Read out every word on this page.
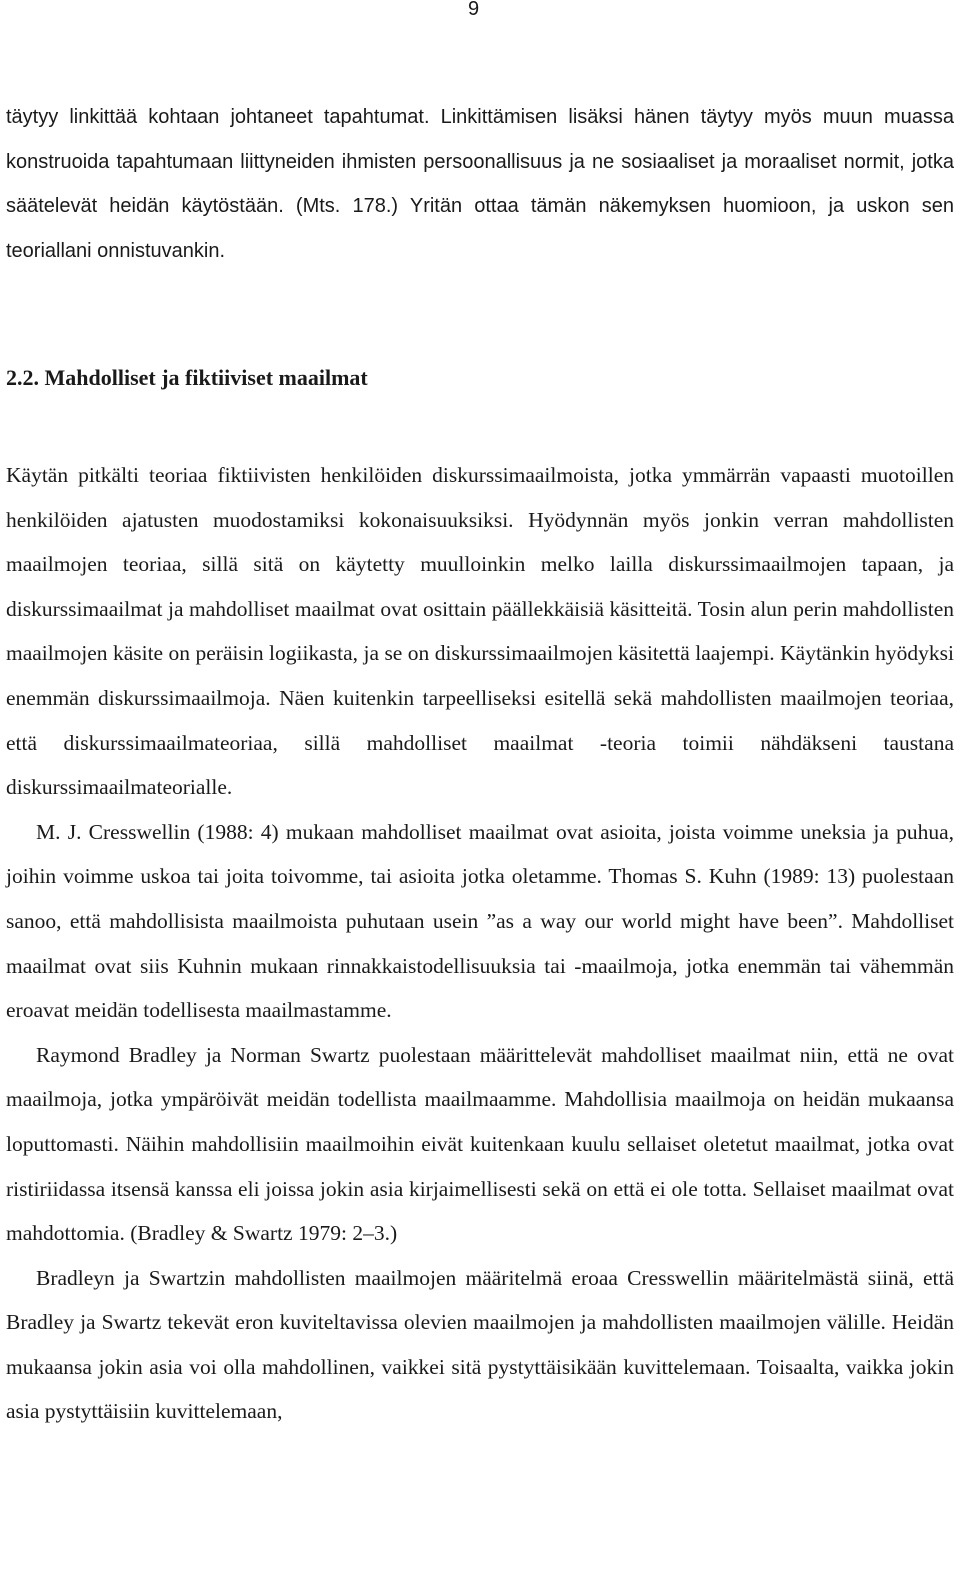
9

täytyy linkittää kohtaan johtaneet tapahtumat. Linkittämisen lisäksi hänen täytyy myös muun muassa konstruoida tapahtumaan liittyneiden ihmisten persoonallisuus ja ne sosiaaliset ja moraaliset normit, jotka säätelevät heidän käytöstään. (Mts. 178.) Yritän ottaa tämän näkemyksen huomioon, ja uskon sen teoriallani onnistuvankin.

2.2. Mahdolliset ja fiktiiviset maailmat

Käytän pitkälti teoriaa fiktiivisten henkilöiden diskurssimaailmoista, jotka ymmärrän vapaasti muotoillen henkilöiden ajatusten muodostamiksi kokonaisuuksiksi. Hyödynnän myös jonkin verran mahdollisten maailmojen teoriaa, sillä sitä on käytetty muulloinkin melko lailla diskurssimaailmojen tapaan, ja diskurssimaailmat ja mahdolliset maailmat ovat osittain päällekkäisiä käsitteitä. Tosin alun perin mahdollisten maailmojen käsite on peräisin logiikasta, ja se on diskurssimaailmojen käsitettä laajempi. Käytänkin hyödyksi enemmän diskurssimaailmoja. Näen kuitenkin tarpeelliseksi esitellä sekä mahdollisten maailmojen teoriaa, että diskurssimaailmateoriaa, sillä mahdolliset maailmat -teoria toimii nähdäkseni taustana diskurssimaailmateorialle.

M. J. Cresswellin (1988: 4) mukaan mahdolliset maailmat ovat asioita, joista voimme uneksia ja puhua, joihin voimme uskoa tai joita toivomme, tai asioita jotka oletamme. Thomas S. Kuhn (1989: 13) puolestaan sanoo, että mahdollisista maailmoista puhutaan usein ”as a way our world might have been”. Mahdolliset maailmat ovat siis Kuhnin mukaan rinnakkaistodellisuuksia tai -maailmoja, jotka enemmän tai vähemmän eroavat meidän todellisesta maailmastamme.

Raymond Bradley ja Norman Swartz puolestaan määrittelevät mahdolliset maailmat niin, että ne ovat maailmoja, jotka ympäröivät meidän todellista maailmaamme. Mahdollisia maailmoja on heidän mukaansa loputtomasti. Näihin mahdollisiin maailmoihin eivät kuitenkaan kuulu sellaiset oletetut maailmat, jotka ovat ristiriidassa itsensä kanssa eli joissa jokin asia kirjaimellisesti sekä on että ei ole totta. Sellaiset maailmat ovat mahdottomia. (Bradley & Swartz 1979: 2–3.)

Bradleyn ja Swartzin mahdollisten maailmojen määritelmä eroaa Cresswellin määritelmästä siinä, että Bradley ja Swartz tekevät eron kuviteltavissa olevien maailmojen ja mahdollisten maailmojen välille. Heidän mukaansa jokin asia voi olla mahdollinen, vaikkei sitä pystyttäisikään kuvittelemaan. Toisaalta, vaikka jokin asia pystyttäisiin kuvittelemaan,
